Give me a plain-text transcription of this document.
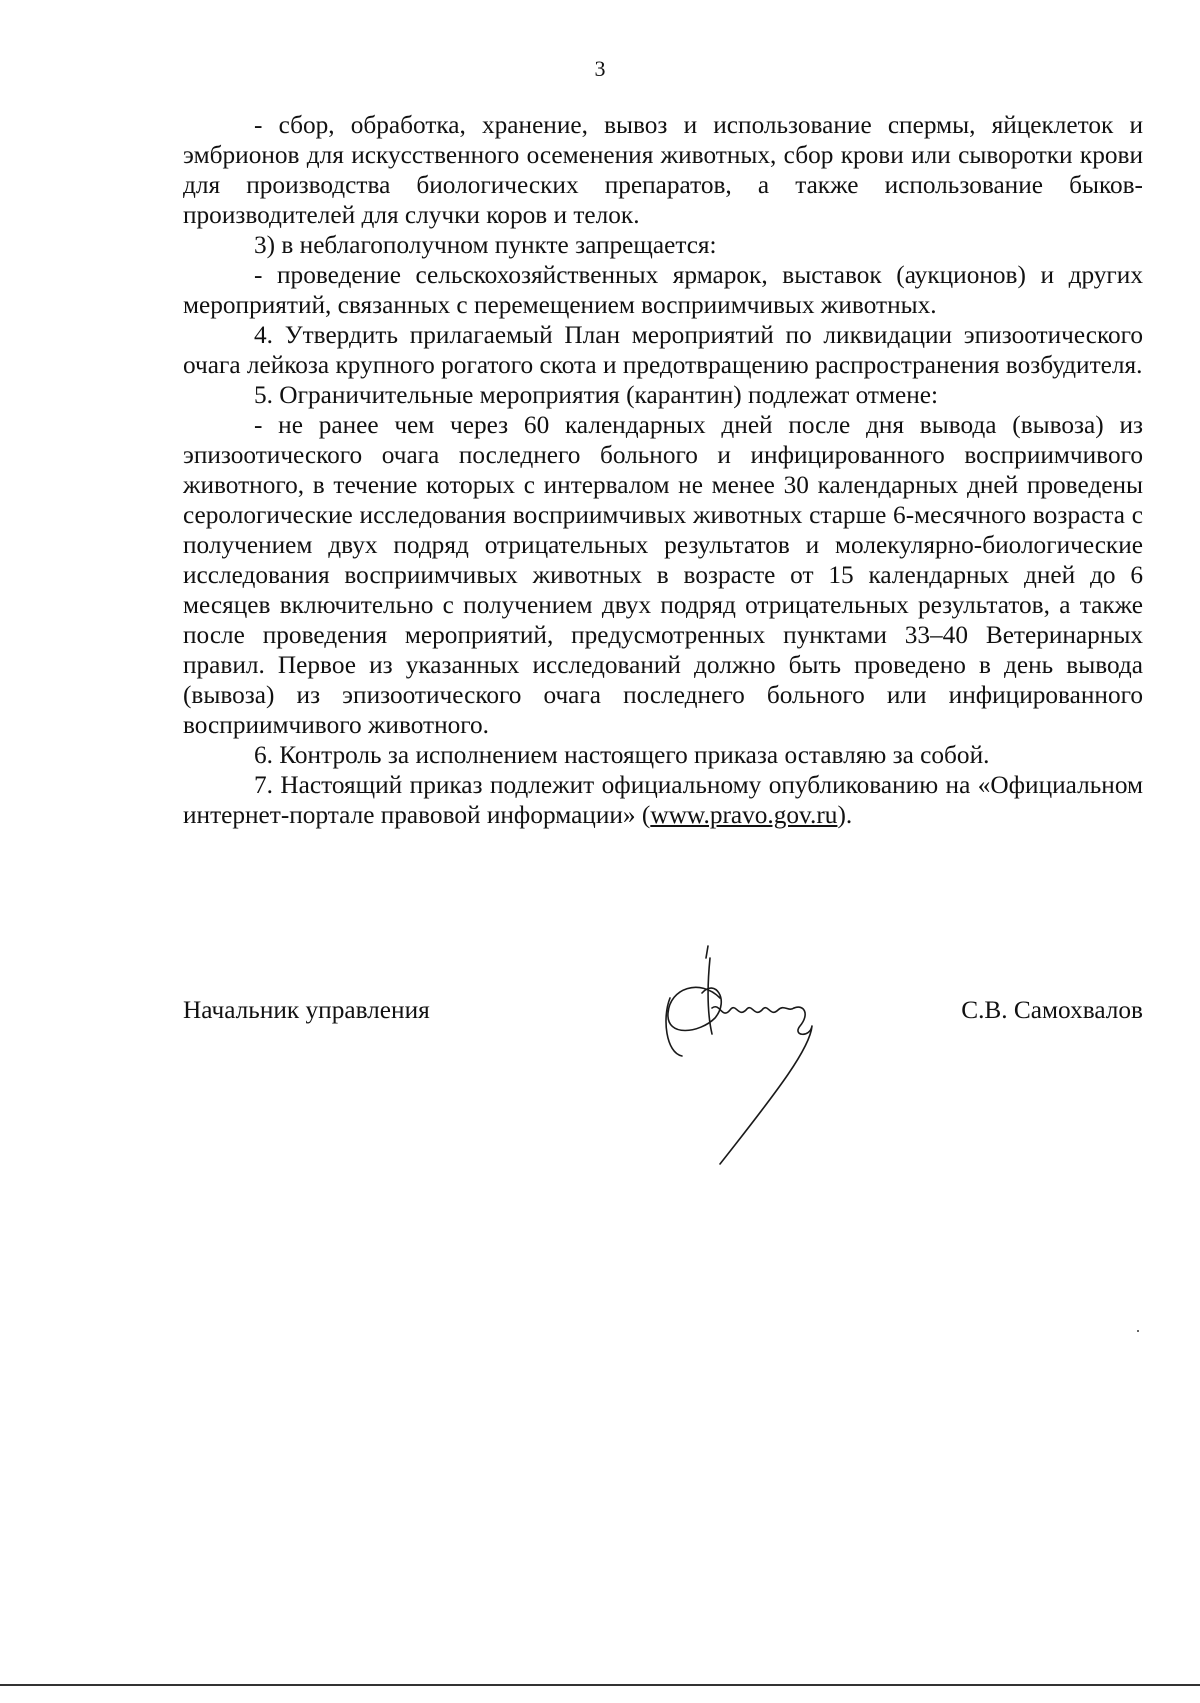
3

- сбор, обработка, хранение, вывоз и использование спермы, яйцеклеток и эмбрионов для искусственного осеменения животных, сбор крови или сыворотки крови для производства биологических препаратов, а также использование быков-производителей для случки коров и телок.

3) в неблагополучном пункте запрещается:

- проведение сельскохозяйственных ярмарок, выставок (аукционов) и других мероприятий, связанных с перемещением восприимчивых животных.

4. Утвердить прилагаемый План мероприятий по ликвидации эпизоотического очага лейкоза крупного рогатого скота и предотвращению распространения возбудителя.

5. Ограничительные мероприятия (карантин) подлежат отмене:

- не ранее чем через 60 календарных дней после дня вывода (вывоза) из эпизоотического очага последнего больного и инфицированного восприимчивого животного, в течение которых с интервалом не менее 30 календарных дней проведены серологические исследования восприимчивых животных старше 6-месячного возраста с получением двух подряд отрицательных результатов и молекулярно-биологические исследования восприимчивых животных в возрасте от 15 календарных дней до 6 месяцев включительно с получением двух подряд отрицательных результатов, а также после проведения мероприятий, предусмотренных пунктами 33–40 Ветеринарных правил. Первое из указанных исследований должно быть проведено в день вывода (вывоза) из эпизоотического очага последнего больного или инфицированного восприимчивого животного.

6. Контроль за исполнением настоящего приказа оставляю за собой.

7. Настоящий приказ подлежит официальному опубликованию на «Официальном интернет-портале правовой информации» (www.pravo.gov.ru).

Начальник управления	С.В. Самохвалов
